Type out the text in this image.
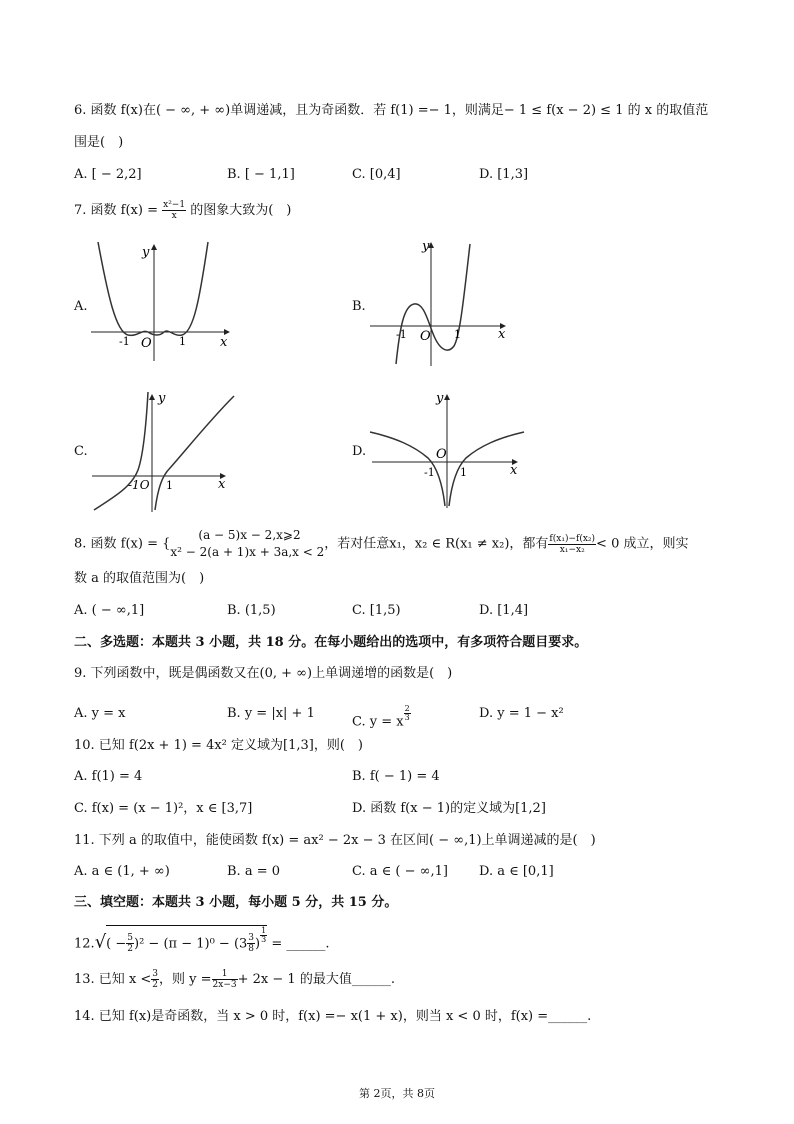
6. 函数 f(x)在( − ∞, + ∞)单调递减，且为奇函数．若 f(1) =− 1，则满足− 1 ≤ f(x − 2) ≤ 1 的 x 的取值范
围是(　)
A. [ − 2,2]	B. [ − 1,1]	C. [0,4]	D. [1,3]
7. 函数 $f(x) = \frac{\text{x²−1}}{x}$ 的图象大致为(　)
A.	B.
C.	D.
y
x
O
-1	1
y
x
O
-1	1
y
x
-1O 1
y
x
O
-1 1
8. 函数 f(x) = {
(a − 5)x − 2,x⩾2
x² − 2(a + 1)x + 3a,x < 2
，若对任意x₁，x₂ ∈ R(x₁ ≠ x₂)，都有 $\frac{\text{f(x₁)−f(x₂)}}{\text{x₁−x₂}} < 0$ 成立，则实
数 a 的取值范围为(　)
A. ( − ∞,1]	B. (1,5)	C. [1,5)	D. [1,4]
二、多选题：本题共 3 小题，共 18 分。在每小题给出的选项中，有多项符合题目要求。
9. 下列函数中，既是偶函数又在(0, + ∞)上单调递增的函数是(　)
A. y = x	B. y = |x| + 1
C. y = x $\frac{2}{3}$	D. y = 1 − x²
10. 已知 f(2x + 1) = 4x² 定义域为[1,3]，则(　)
A. f(1) = 4	B. f( − 1) = 4
C. f(x) = (x − 1)²，x ∈ [3,7]	D. 函数 f(x − 1)的定义域为[1,2]
11. 下列 a 的取值中，能使函数 f(x) = ax² − 2x − 3 在区间( − ∞,1)上单调递减的是(　)
A. a ∈ (1, + ∞)	B. a = 0	C. a ∈ ( − ∞,1] D. a ∈ [0,1]
三、填空题：本题共 3 小题，每小题 5 分，共 15 分。
$12.√( - \frac{5}{2} )^2 - (\pi - 1)^0 - (3 \frac{3}{8}$ ) $\frac{1}{3}$ = ______.
13. 已知 $x < \frac{3}{2}$ ，则 $y = \frac{1}{2x-3} + 2x - 1$ 的最大值______.
14. 已知 f(x)是奇函数，当 x > 0 时，f(x) =− x(1 + x)，则当 x < 0 时，f(x) =______.
第 2页，共 8页
